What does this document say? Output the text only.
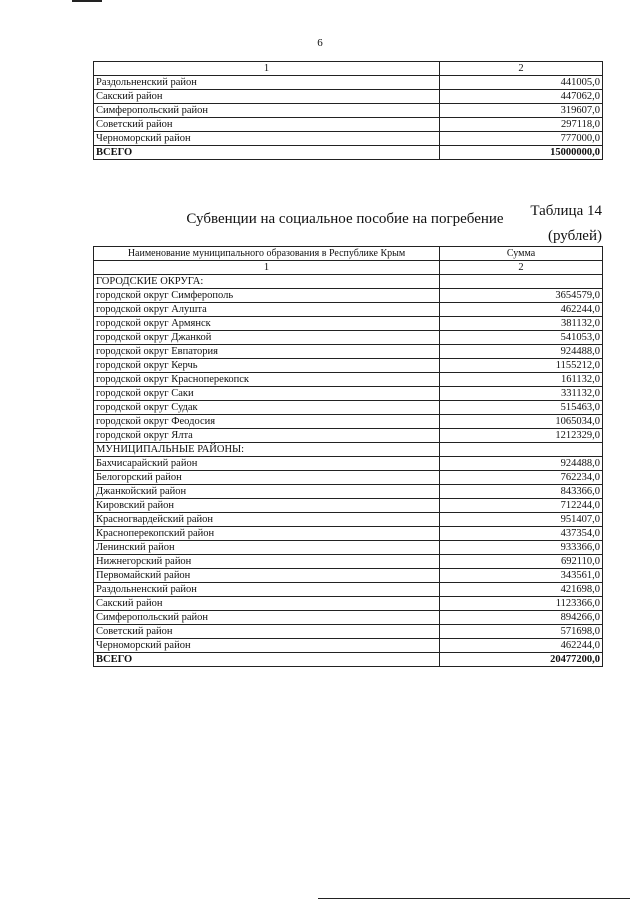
6
1	2
Раздольненский район	441005,0
Сакский район	447062,0
Симферопольский район	319607,0
Советский район	297118,0
Черноморский район	777000,0
ВСЕГО	15000000,0
Таблица 14
Субвенции на социальное пособие на погребение
(рублей)
Наименование муниципального образования в Республике Крым	Сумма
1	2
ГОРОДСКИЕ ОКРУГА:	
городской округ Симферополь	3654579,0
городской округ Алушта	462244,0
городской округ Армянск	381132,0
городской округ Джанкой	541053,0
городской округ Евпатория	924488,0
городской округ Керчь	1155212,0
городской округ Красноперекопск	161132,0
городской округ Саки	331132,0
городской округ Судак	515463,0
городской округ Феодосия	1065034,0
городской округ Ялта	1212329,0
МУНИЦИПАЛЬНЫЕ РАЙОНЫ:	
Бахчисарайский район	924488,0
Белогорский район	762234,0
Джанкойский район	843366,0
Кировский район	712244,0
Красногвардейский район	951407,0
Красноперекопский район	437354,0
Ленинский район	933366,0
Нижнегорский район	692110,0
Первомайский район	343561,0
Раздольненский район	421698,0
Сакский район	1123366,0
Симферопольский район	894266,0
Советский район	571698,0
Черноморский район	462244,0
ВСЕГО	20477200,0
